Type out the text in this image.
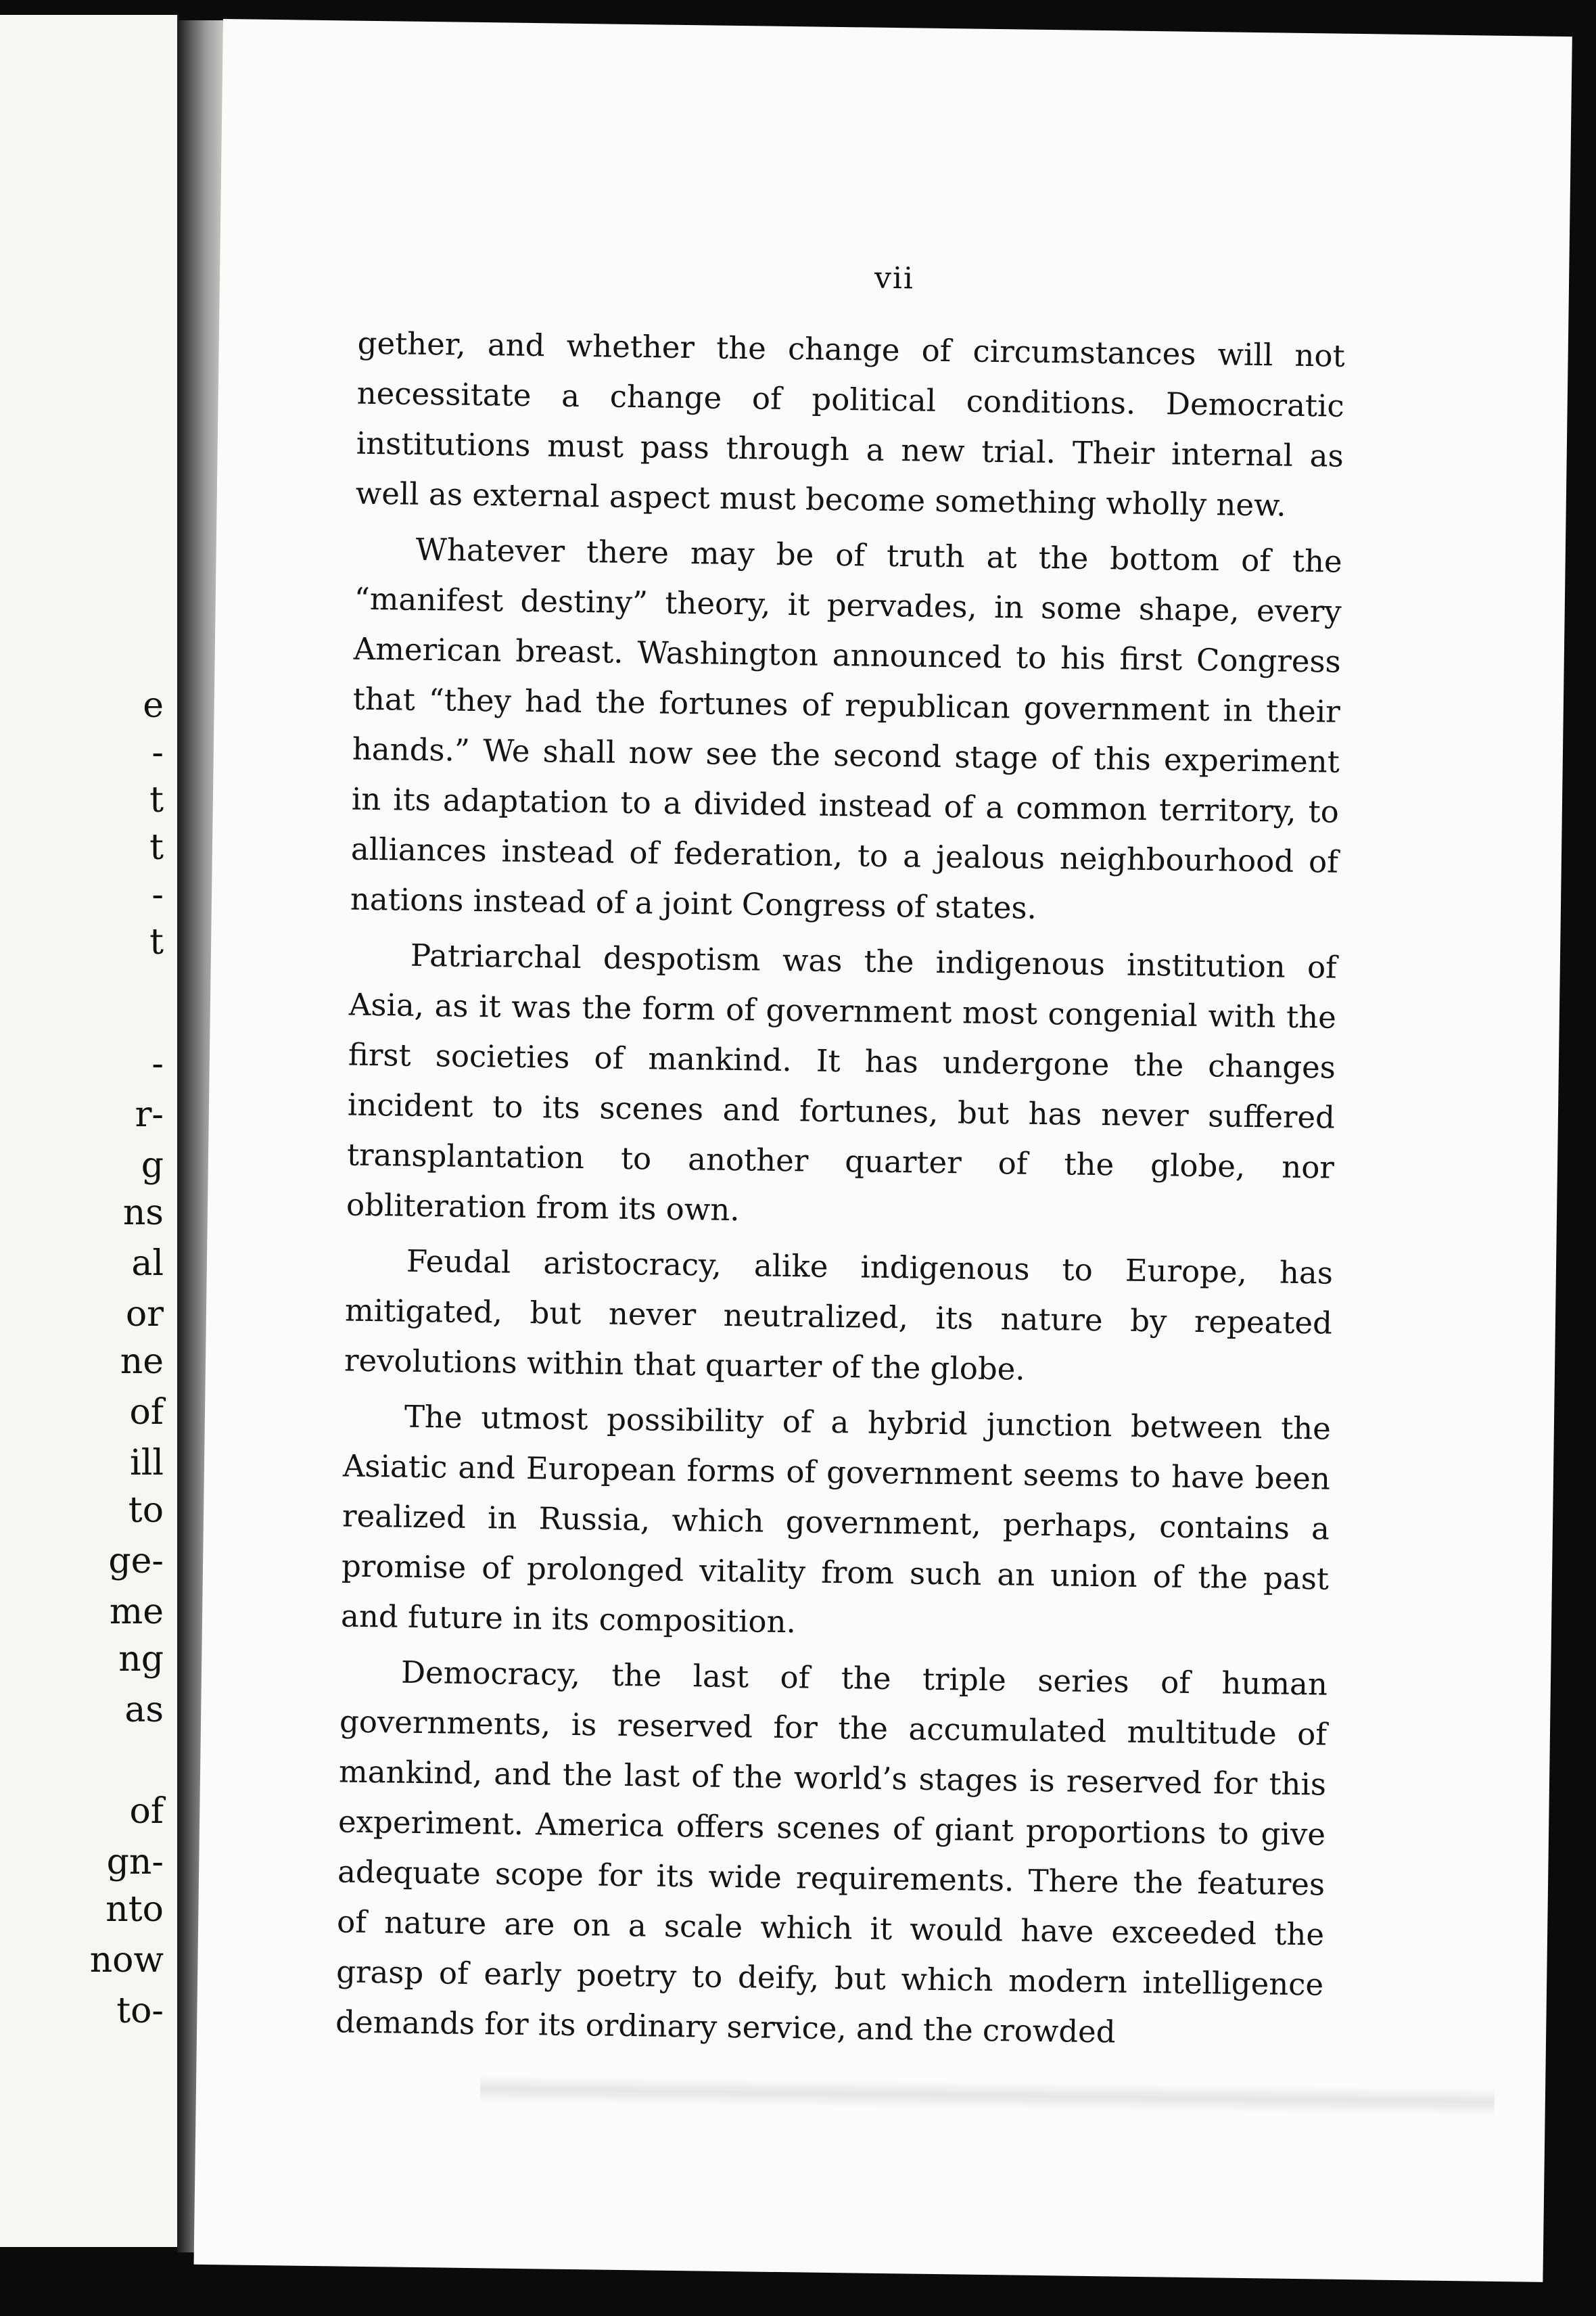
e
-
t
t
-
t
-
r-
g
ns
al
or
ne
of
ill
to
ge-
me
ng
as
of
gn-
nto
now
to-
vii

gether, and whether the change of circumstances will not necessitate a change of political conditions. Democratic institutions must pass through a new trial. Their internal as well as external aspect must become something wholly new.

Whatever there may be of truth at the bottom of the “manifest destiny” theory, it pervades, in some shape, every American breast. Washington announced to his first Congress that “they had the fortunes of republican government in their hands.” We shall now see the second stage of this experiment in its adaptation to a divided instead of a common territory, to alliances instead of federation, to a jealous neighbourhood of nations instead of a joint Congress of states.

Patriarchal despotism was the indigenous institution of Asia, as it was the form of government most congenial with the first societies of mankind. It has undergone the changes incident to its scenes and fortunes, but has never suffered transplantation to another quarter of the globe, nor obliteration from its own.

Feudal aristocracy, alike indigenous to Europe, has mitigated, but never neutralized, its nature by repeated revolutions within that quarter of the globe.

The utmost possibility of a hybrid junction between the Asiatic and European forms of government seems to have been realized in Russia, which government, perhaps, contains a promise of prolonged vitality from such an union of the past and future in its composition.

Democracy, the last of the triple series of human governments, is reserved for the accumulated multitude of mankind, and the last of the world’s stages is reserved for this experiment. America offers scenes of giant proportions to give adequate scope for its wide requirements. There the features of nature are on a scale which it would have exceeded the grasp of early poetry to deify, but which modern intelligence demands for its ordinary service, and the crowded
